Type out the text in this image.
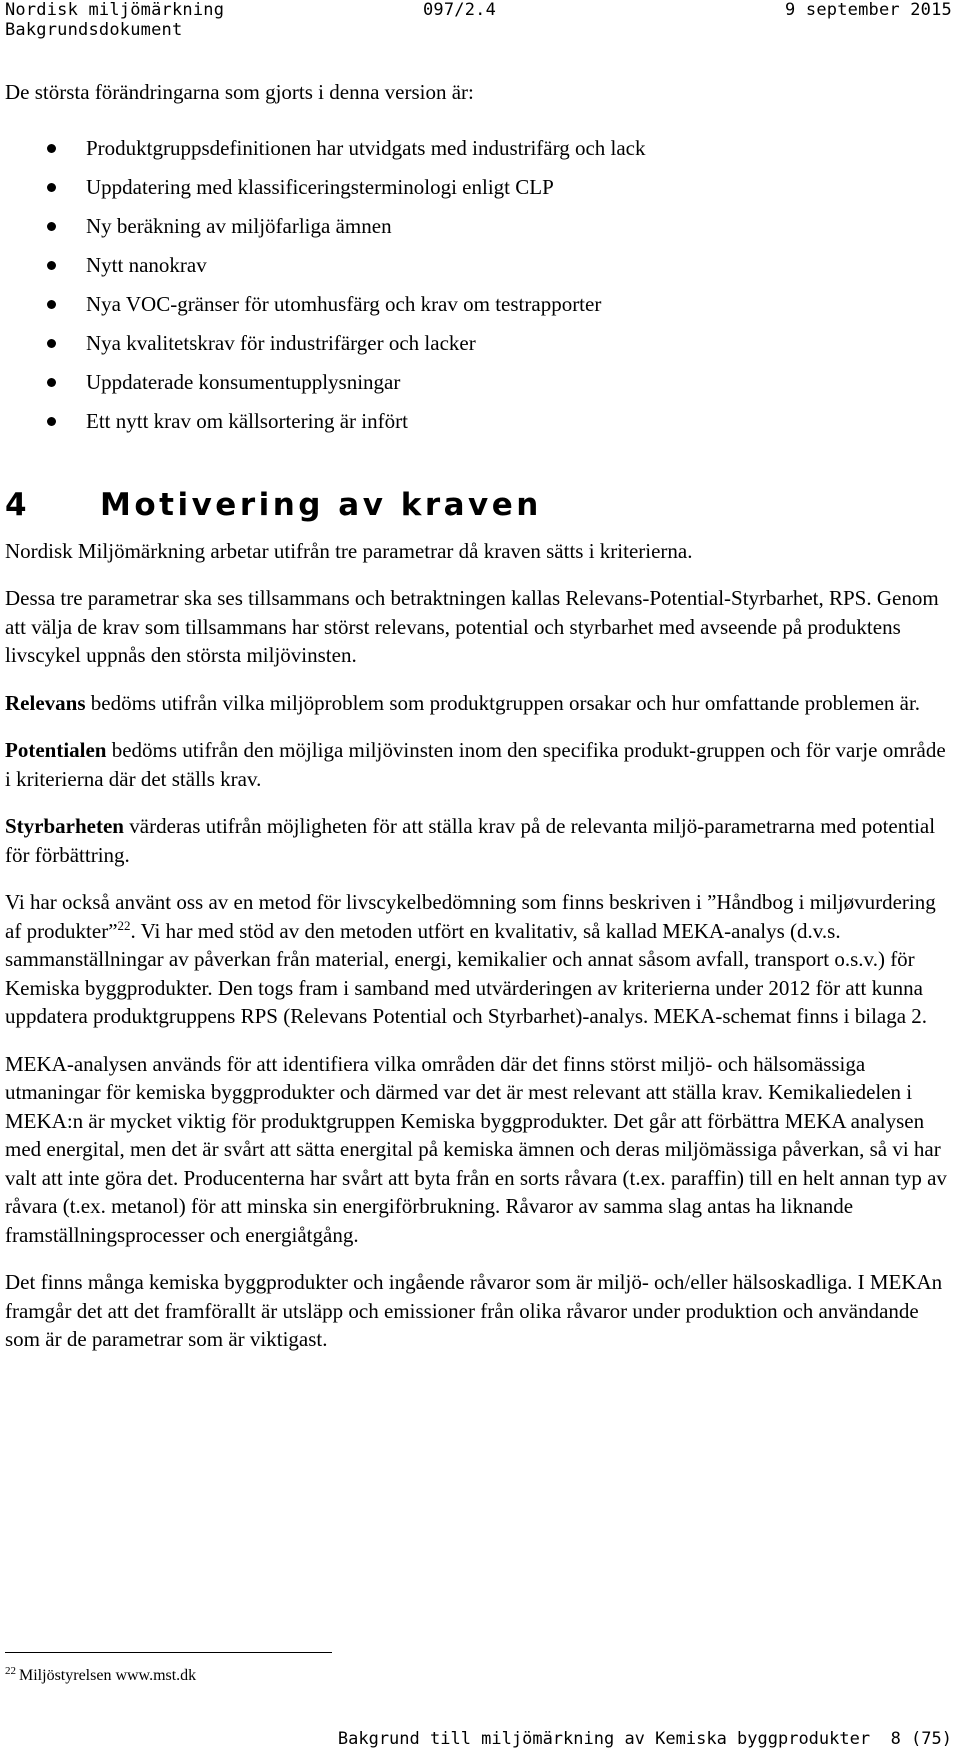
Nordisk miljömärkning
Bakgrundsdokument
097/2.4	9 september 2015

De största förändringarna som gjorts i denna version är:

Produktgruppsdefinitionen har utvidgats med industrifärg och lack
Uppdatering med klassificeringsterminologi enligt CLP
Ny beräkning av miljöfarliga ämnen
Nytt nanokrav
Nya VOC-gränser för utomhusfärg och krav om testrapporter
Nya kvalitetskrav för industrifärger och lacker
Uppdaterade konsumentupplysningar
Ett nytt krav om källsortering är infört
4 Motivering av kraven

Nordisk Miljömärkning arbetar utifrån tre parametrar då kraven sätts i kriterierna.

Dessa tre parametrar ska ses tillsammans och betraktningen kallas Relevans-Potential-Styrbarhet, RPS. Genom att välja de krav som tillsammans har störst relevans, potential och styrbarhet med avseende på produktens livscykel uppnås den största miljövinsten.

Relevans bedöms utifrån vilka miljöproblem som produktgruppen orsakar och hur omfattande problemen är.

Potentialen bedöms utifrån den möjliga miljövinsten inom den specifika produkt-gruppen och för varje område i kriterierna där det ställs krav.

Styrbarheten värderas utifrån möjligheten för att ställa krav på de relevanta miljö-parametrarna med potential för förbättring.

Vi har också använt oss av en metod för livscykelbedömning som finns beskriven i ”Håndbog i miljøvurdering af produkter”$^{22}$. Vi har med stöd av den metoden utfört en kvalitativ, så kallad MEKA-analys (d.v.s. sammanställningar av påverkan från material, energi, kemikalier och annat såsom avfall, transport o.s.v.) för Kemiska byggprodukter. Den togs fram i samband med utvärderingen av kriterierna under 2012 för att kunna uppdatera produktgruppens RPS (Relevans Potential och Styrbarhet)-analys. MEKA-schemat finns i bilaga 2.

MEKA-analysen används för att identifiera vilka områden där det finns störst miljö- och hälsomässiga utmaningar för kemiska byggprodukter och därmed var det är mest relevant att ställa krav. Kemikaliedelen i MEKA:n är mycket viktig för produktgruppen Kemiska byggprodukter. Det går att förbättra MEKA analysen med energital, men det är svårt att sätta energital på kemiska ämnen och deras miljömässiga påverkan, så vi har valt att inte göra det. Producenterna har svårt att byta från en sorts råvara (t.ex. paraffin) till en helt annan typ av råvara (t.ex. metanol) för att minska sin energiförbrukning. Råvaror av samma slag antas ha liknande framställningsprocesser och energiåtgång.

Det finns många kemiska byggprodukter och ingående råvaror som är miljö- och/eller hälsoskadliga. I MEKAn framgår det att det framförallt är utsläpp och emissioner från olika råvaror under produktion och användande som är de parametrar som är viktigast.

$^{22}$ Miljöstyrelsen www.mst.dk
Bakgrund till miljömärkning av Kemiska byggprodukter 8 (75)
